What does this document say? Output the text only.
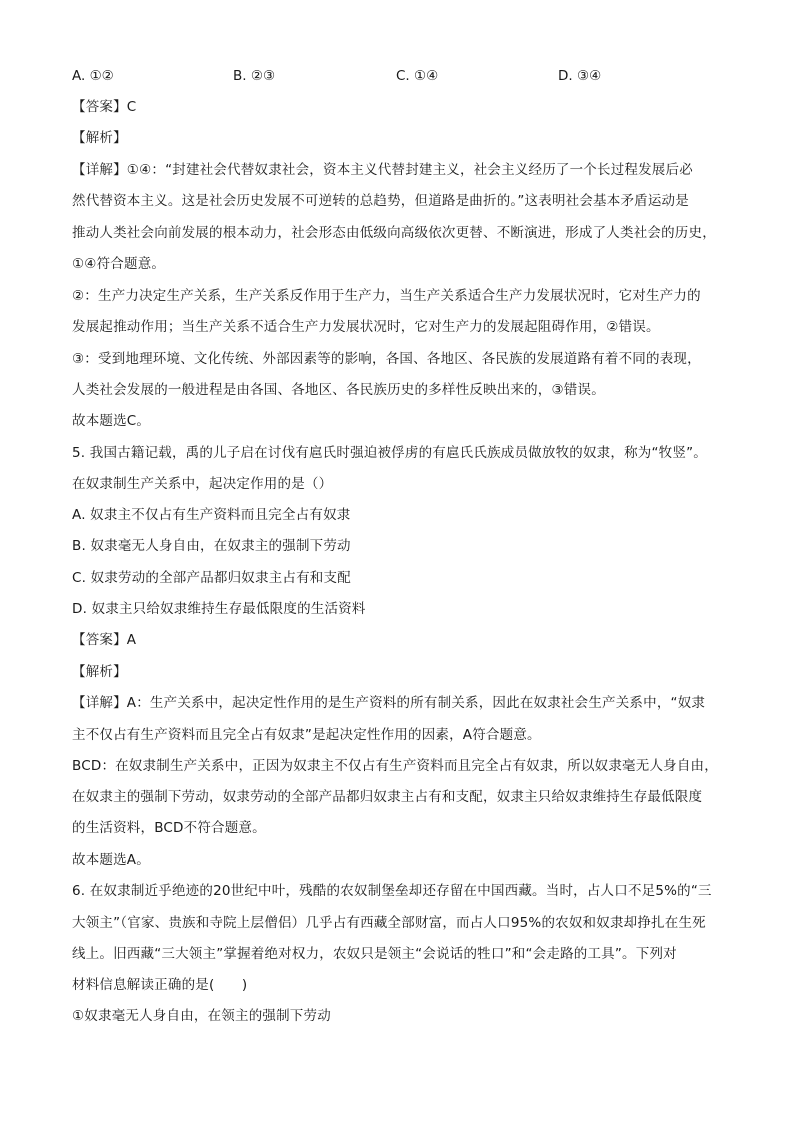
A. ①②	B. ②③	C. ①④	D. ③④
【答案】C
【解析】
【详解】①④：“封建社会代替奴隶社会，资本主义代替封建主义，社会主义经历了一个长过程发展后必
然代替资本主义。这是社会历史发展不可逆转的总趋势，但道路是曲折的。”这表明社会基本矛盾运动是
推动人类社会向前发展的根本动力，社会形态由低级向高级依次更替、不断演进，形成了人类社会的历史，
①④符合题意。
②：生产力决定生产关系，生产关系反作用于生产力，当生产关系适合生产力发展状况时，它对生产力的
发展起推动作用；当生产关系不适合生产力发展状况时，它对生产力的发展起阻碍作用，②错误。
③：受到地理环境、文化传统、外部因素等的影响，各国、各地区、各民族的发展道路有着不同的表现，
人类社会发展的一般进程是由各国、各地区、各民族历史的多样性反映出来的，③错误。
故本题选C。
5. 我国古籍记载，禹的儿子启在讨伐有扈氏时强迫被俘虏的有扈氏氏族成员做放牧的奴隶，称为“牧竖”。
在奴隶制生产关系中，起决定作用的是（）
A. 奴隶主不仅占有生产资料而且完全占有奴隶
B. 奴隶毫无人身自由，在奴隶主的强制下劳动
C. 奴隶劳动的全部产品都归奴隶主占有和支配
D. 奴隶主只给奴隶维持生存最低限度的生活资料
【答案】A
【解析】
【详解】A：生产关系中，起决定性作用的是生产资料的所有制关系，因此在奴隶社会生产关系中，“奴隶
主不仅占有生产资料而且完全占有奴隶”是起决定性作用的因素，A符合题意。
BCD：在奴隶制生产关系中，正因为奴隶主不仅占有生产资料而且完全占有奴隶，所以奴隶毫无人身自由，
在奴隶主的强制下劳动，奴隶劳动的全部产品都归奴隶主占有和支配，奴隶主只给奴隶维持生存最低限度
的生活资料，BCD不符合题意。
故本题选A。
6. 在奴隶制近乎绝迹的20世纪中叶，残酷的农奴制堡垒却还存留在中国西藏。当时，占人口不足5%的“三
大领主”（官家、贵族和寺院上层僧侣）几乎占有西藏全部财富，而占人口95%的农奴和奴隶却挣扎在生死
线上。旧西藏“三大领主”掌握着绝对权力，农奴只是领主“会说话的牲口”和“会走路的工具”。下列对
材料信息解读正确的是(　　)
①奴隶毫无人身自由，在领主的强制下劳动
